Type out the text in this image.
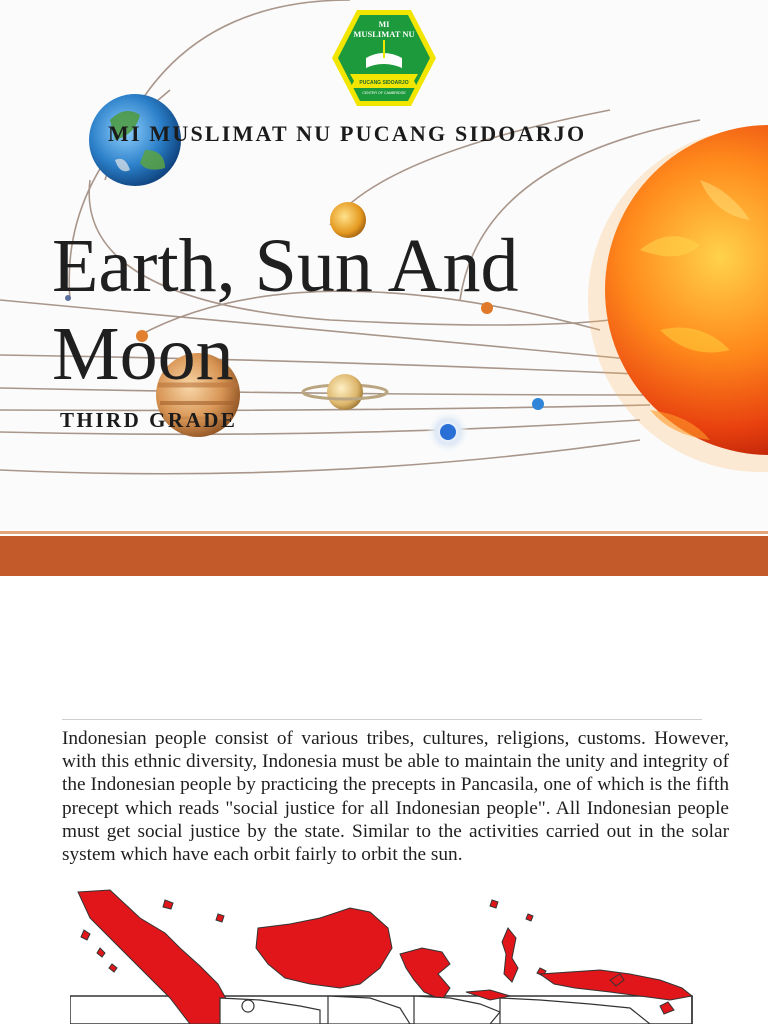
MI
MUSLIMAT NU
PUCANG SIDOARJO
CENTER OF CAMBRIDGE
MI MUSLIMAT NU PUCANG SIDOARJO
Earth, Sun And Moon
THIRD GRADE
Indonesian people consist of various tribes, cultures, religions, customs. However, with this ethnic diversity, Indonesia must be able to maintain the unity and integrity of the Indonesian people by practicing the precepts in Pancasila, one of which is the fifth precept which reads "social justice for all Indonesian people". All Indonesian people must get social justice by the state. Similar to the activities carried out in the solar system which have each orbit fairly to orbit the sun.
